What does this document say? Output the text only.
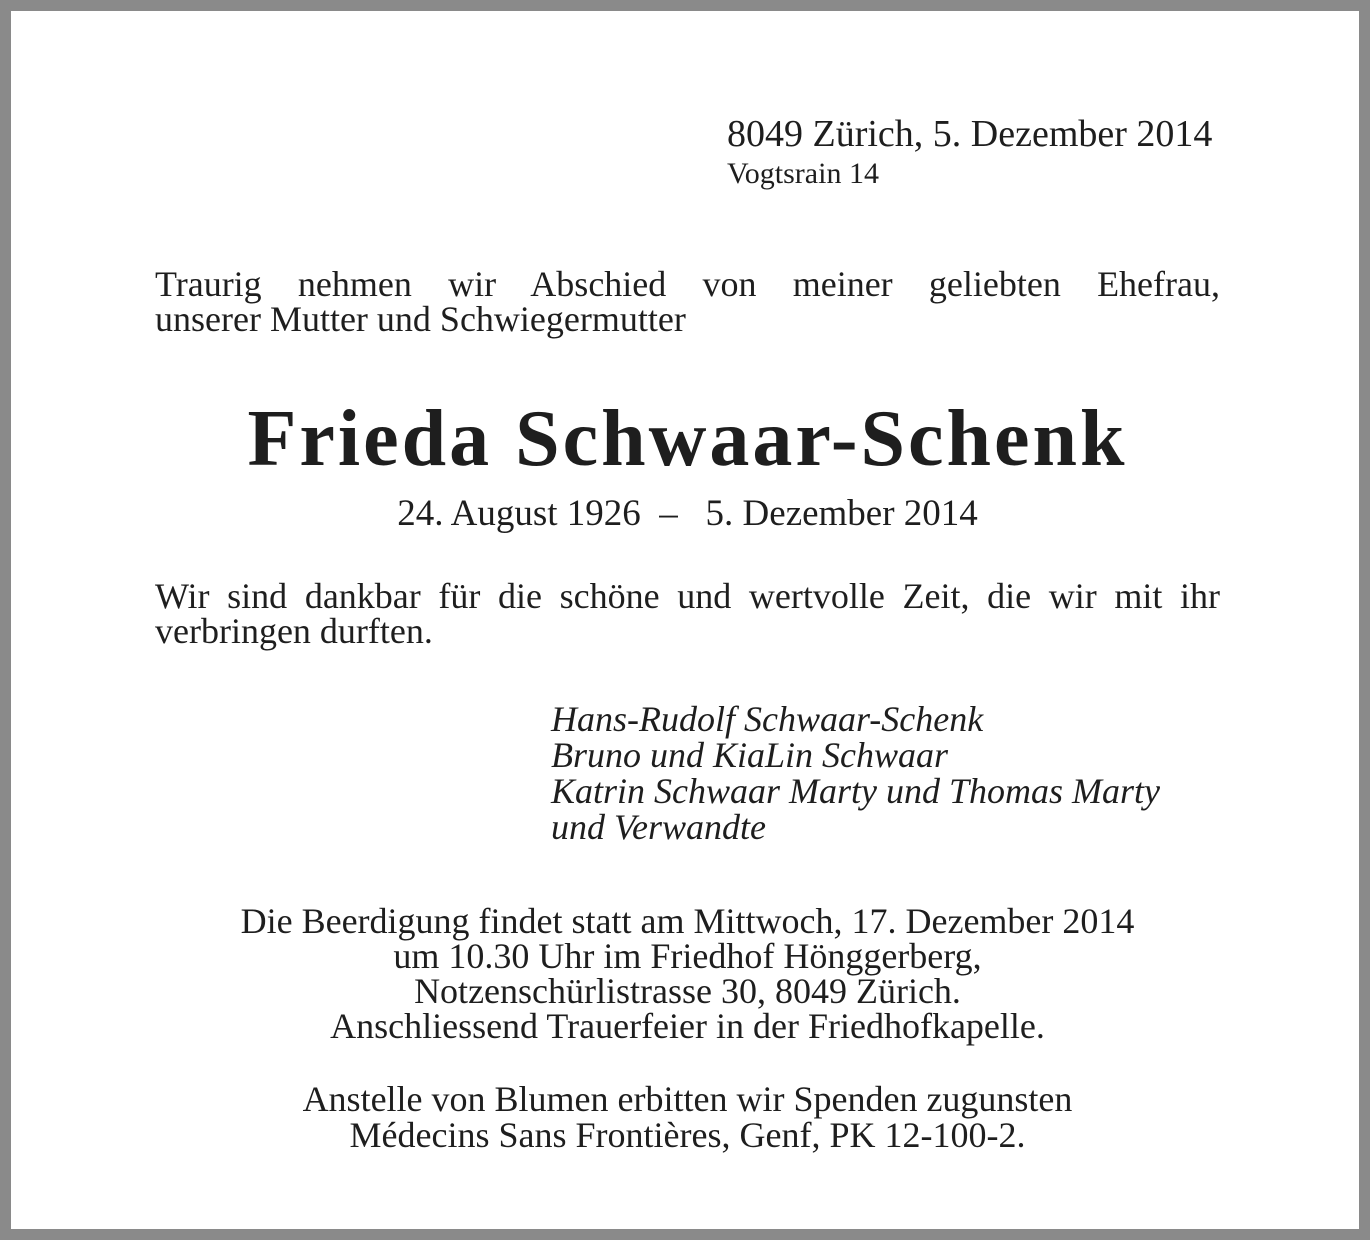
8049 Zürich, 5. Dezember 2014
Vogtsrain 14
Traurig nehmen wir Abschied von meiner geliebten Ehefrau,
unserer Mutter und Schwiegermutter
Frieda Schwaar-Schenk
24. August 1926 –  5. Dezember 2014
Wir sind dankbar für die schöne und wertvolle Zeit, die wir mit ihr
verbringen durften.
Hans-Rudolf Schwaar-Schenk
Bruno und KiaLin Schwaar
Katrin Schwaar Marty und Thomas Marty
und Verwandte
Die Beerdigung findet statt am Mittwoch, 17. Dezember 2014
um 10.30 Uhr im Friedhof Hönggerberg,
Notzenschürlistrasse 30, 8049 Zürich.
Anschliessend Trauerfeier in der Friedhofkapelle.
Anstelle von Blumen erbitten wir Spenden zugunsten
Médecins Sans Frontières, Genf, PK 12-100-2.
